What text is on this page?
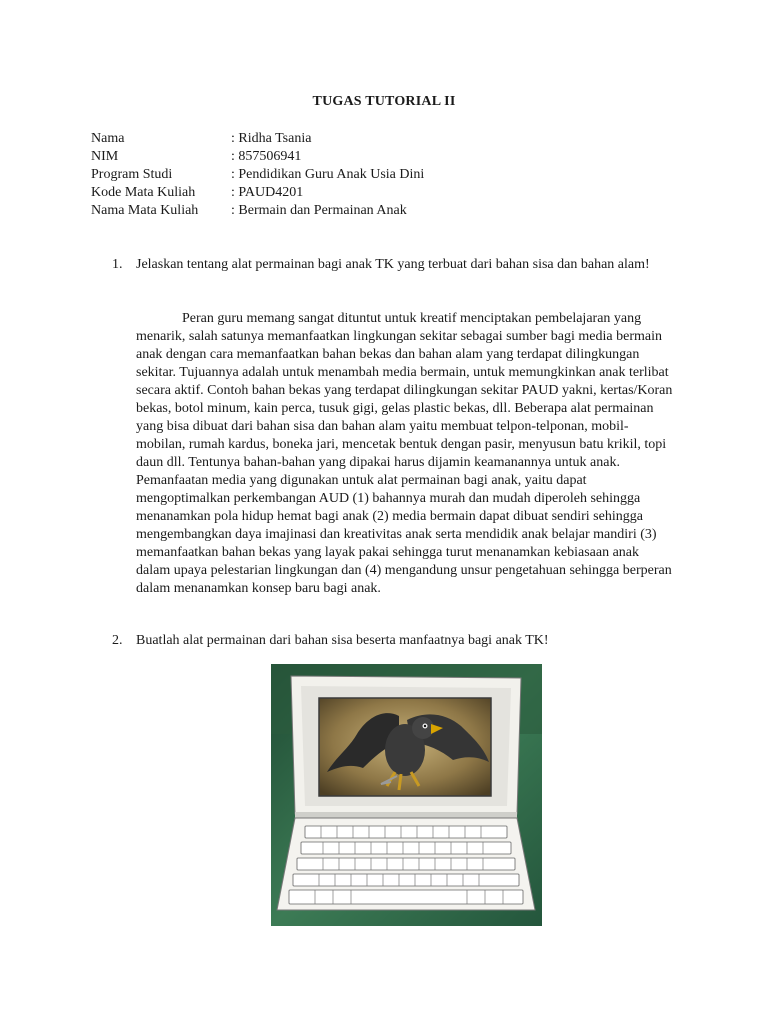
TUGAS TUTORIAL II
Nama	: Ridha Tsania
NIM	: 857506941
Program Studi	: Pendidikan Guru Anak Usia Dini
Kode Mata Kuliah	: PAUD4201
Nama Mata Kuliah	: Bermain dan Permainan Anak
1. Jelaskan tentang alat permainan bagi anak TK yang terbuat dari bahan sisa dan bahan alam!
Peran guru memang sangat dituntut untuk kreatif menciptakan pembelajaran yang menarik, salah satunya memanfaatkan lingkungan sekitar sebagai sumber bagi media bermain anak dengan cara memanfaatkan bahan bekas dan bahan alam yang terdapat dilingkungan sekitar. Tujuannya adalah untuk menambah media bermain, untuk memungkinkan anak terlibat secara aktif. Contoh bahan bekas yang terdapat dilingkungan sekitar PAUD yakni, kertas/Koran bekas, botol minum, kain perca, tusuk gigi, gelas plastic bekas, dll. Beberapa alat permainan yang bisa dibuat dari bahan sisa dan bahan alam yaitu membuat telpon-telponan, mobil-mobilan, rumah kardus, boneka jari, mencetak bentuk dengan pasir, menyusun batu krikil, topi daun dll. Tentunya bahan-bahan yang dipakai harus dijamin keamanannya untuk anak. Pemanfaatan media yang digunakan untuk alat permainan bagi anak, yaitu dapat mengoptimalkan perkembangan AUD (1) bahannya murah dan mudah diperoleh sehingga menanamkan pola hidup hemat bagi anak (2) media bermain dapat dibuat sendiri sehingga mengembangkan daya imajinasi dan kreativitas anak serta mendidik anak belajar mandiri (3) memanfaatkan bahan bekas yang layak pakai sehingga turut menanamkan kebiasaan anak dalam upaya pelestarian lingkungan dan (4) mengandung unsur pengetahuan sehingga berperan dalam menanamkan konsep baru bagi anak.
2. Buatlah alat permainan dari bahan sisa beserta manfaatnya bagi anak TK!
